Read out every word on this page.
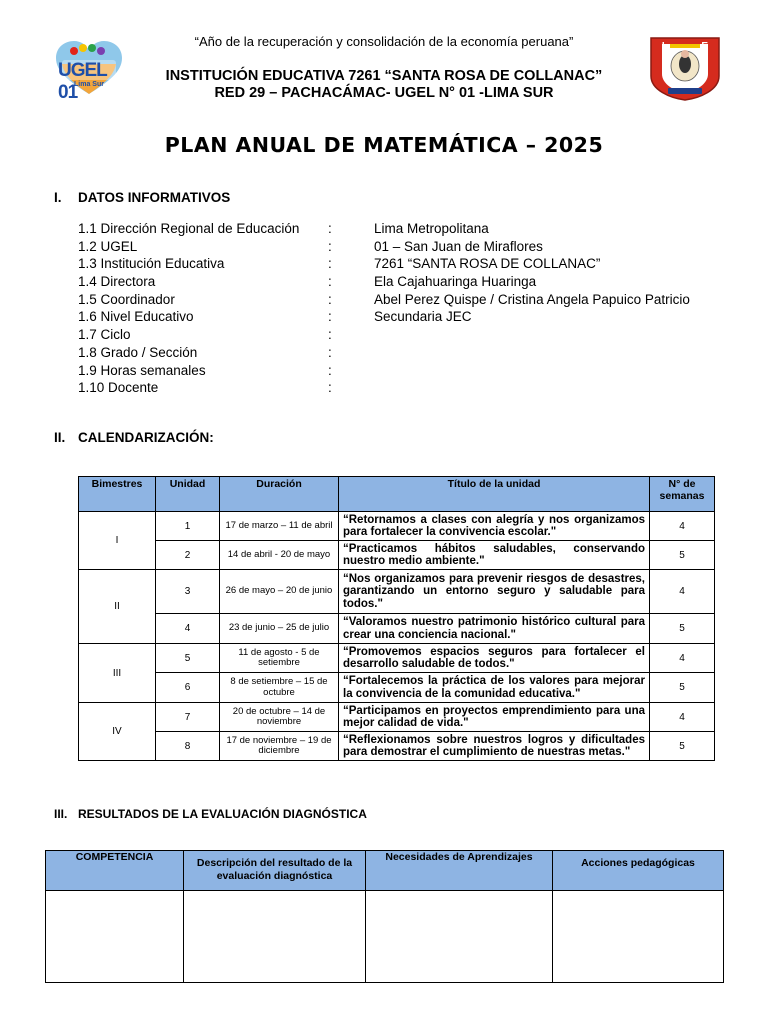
UGEL 01
Lima Sur
I E
“Año de la recuperación y consolidación de la economía peruana”
INSTITUCIÓN EDUCATIVA 7261 “SANTA ROSA DE COLLANAC”
RED 29 – PACHACÁMAC- UGEL N° 01 -LIMA SUR
PLAN ANUAL DE MATEMÁTICA – 2025
I. DATOS INFORMATIVOS
1.1 Dirección Regional de Educación :	Lima Metropolitana
1.2 UGEL	:	01 – San Juan de Miraflores
1.3 Institución Educativa	:	7261 “SANTA ROSA DE COLLANAC”
1.4 Directora	:	Ela Cajahuaringa Huaringa
1.5 Coordinador	:	Abel Perez Quispe / Cristina Angela Papuico Patricio
1.6 Nivel Educativo	:	Secundaria JEC
1.7 Ciclo	:
1.8 Grado / Sección	:
1.9 Horas semanales	:
1.10 Docente	:
II. CALENDARIZACIÓN:
Bimestres	Unidad	Duración	Título de la unidad	N° de semanas
I	1	17 de marzo – 11 de abril	“Retornamos a clases con alegría y nos organizamos para fortalecer la convivencia escolar."	4
	2	14 de abril - 20 de mayo	“Practicamos hábitos saludables, conservando nuestro medio ambiente."	5
II	3	26 de mayo – 20 de junio	“Nos organizamos para prevenir riesgos de desastres, garantizando un entorno seguro y saludable para todos."	4
	4	23 de junio – 25 de julio	“Valoramos nuestro patrimonio histórico cultural para crear una conciencia nacional."	5
III	5	11 de agosto - 5 de setiembre	“Promovemos espacios seguros para fortalecer el desarrollo saludable de todos."	4
	6	8 de setiembre – 15 de octubre	“Fortalecemos la práctica de los valores para mejorar la convivencia de la comunidad educativa."	5
IV	7	20 de octubre – 14 de noviembre	“Participamos en proyectos emprendimiento para una mejor calidad de vida."	4
	8	17 de noviembre – 19 de diciembre	“Reflexionamos sobre nuestros logros y dificultades para demostrar el cumplimiento de nuestras metas."	5
III. RESULTADOS DE LA EVALUACIÓN DIAGNÓSTICA
COMPETENCIA	Descripción del resultado de la evaluación diagnóstica	Necesidades de Aprendizajes	Acciones pedagógicas
